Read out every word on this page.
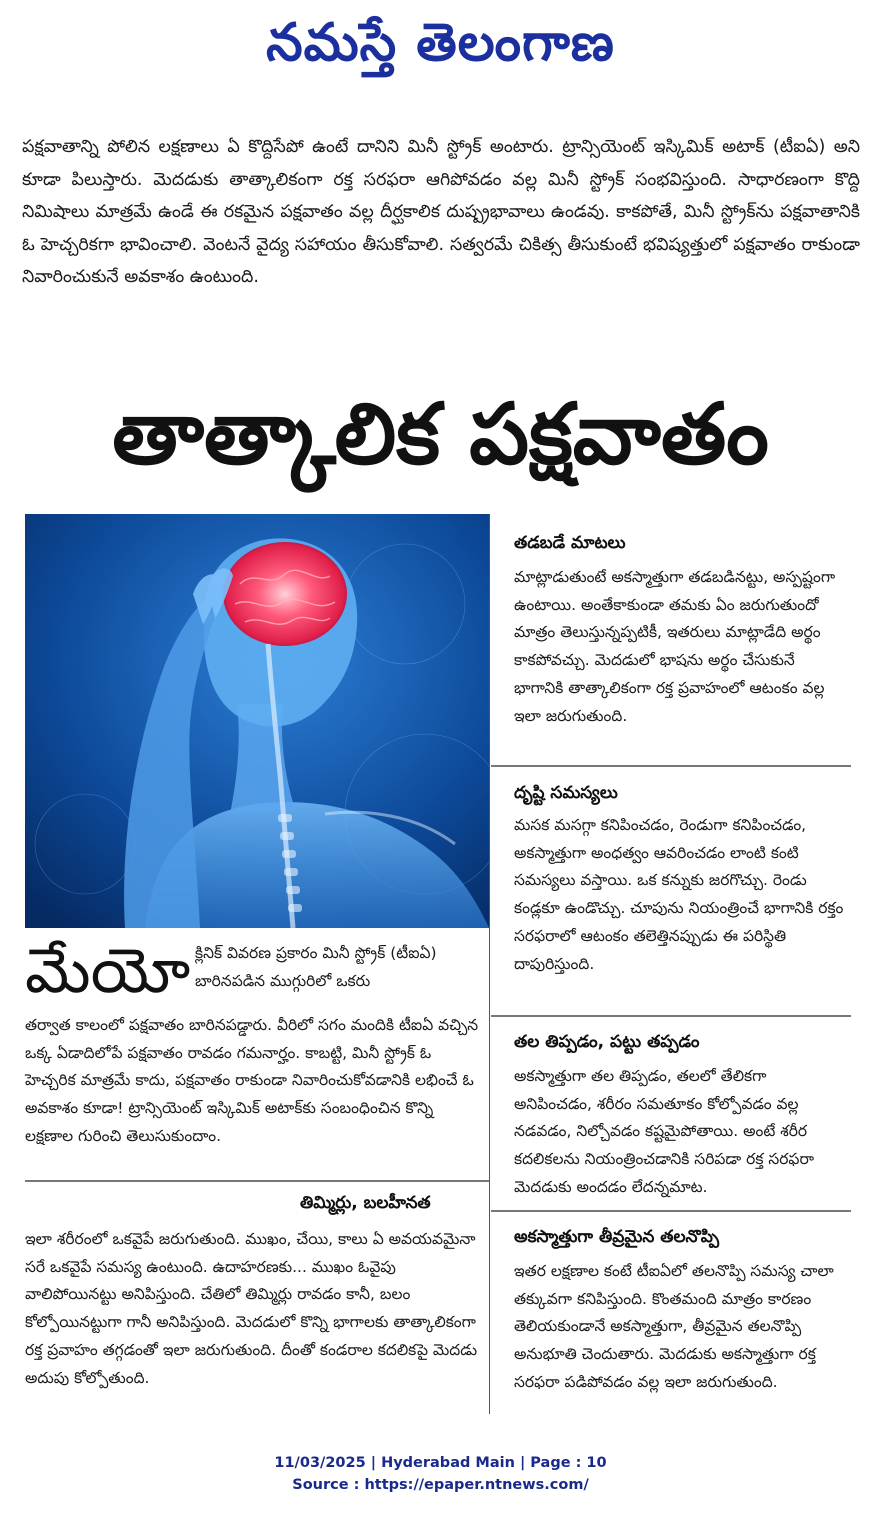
నమస్తే తెలంగాణ
పక్షవాతాన్ని పోలిన లక్షణాలు ఏ కొద్దిసేపో ఉంటే దానిని మినీ స్ట్రోక్‌ అంటారు. ట్రాన్సియెంట్‌ ఇస్కిమిక్‌ అటాక్‌ (టీఐఏ) అని కూడా పిలుస్తారు. మెదడుకు తాత్కాలికంగా రక్త సరఫరా ఆగిపోవడం వల్ల మినీ స్ట్రోక్‌ సంభవిస్తుంది. సాధారణంగా కొద్ది నిమిషాలు మాత్రమే ఉండే ఈ రకమైన పక్షవాతం వల్ల దీర్ఘకాలిక దుష్ప్రభావాలు ఉండవు. కాకపోతే, మినీ స్ట్రోక్‌ను పక్షవాతానికి ఓ హెచ్చరికగా భావించాలి. వెంటనే వైద్య సహాయం తీసుకోవాలి. సత్వరమే చికిత్స తీసుకుంటే భవిష్యత్తులో పక్షవాతం రాకుండా నివారించుకునే అవకాశం ఉంటుంది.
తాత్కాలిక పక్షవాతం
తడబడే మాటలు
మాట్లాడుతుంటే అకస్మాత్తుగా తడబడినట్టు, అస్పష్టంగా ఉంటాయి. అంతేకాకుండా తమకు ఏం జరుగుతుందో మాత్రం తెలుస్తున్నప్పటికీ, ఇతరులు మాట్లాడేది అర్థం కాకపోవచ్చు. మెదడులో భాషను అర్థం చేసుకునే భాగానికి తాత్కాలికంగా రక్త ప్రవాహంలో ఆటంకం వల్ల ఇలా జరుగుతుంది.
దృష్టి సమస్యలు
మసక మసగ్గా కనిపించడం, రెండుగా కనిపించడం, అకస్మాత్తుగా అంధత్వం ఆవరించడం లాంటి కంటి సమస్యలు వస్తాయి. ఒక కన్నుకు జరగొచ్చు. రెండు కండ్లకూ ఉండొచ్చు. చూపును నియంత్రించే భాగానికి రక్తం సరఫరాలో ఆటంకం తలెత్తినప్పుడు ఈ పరిస్థితి దాపురిస్తుంది.
తల తిప్పడం, పట్టు తప్పడం
అకస్మాత్తుగా తల తిప్పడం, తలలో తేలికగా అనిపించడం, శరీరం సమతూకం కోల్పోవడం వల్ల నడవడం, నిల్చోవడం కష్టమైపోతాయి. అంటే శరీర కదలికలను నియంత్రించడానికి సరిపడా రక్త సరఫరా మెదడుకు అందడం లేదన్నమాట.
అకస్మాత్తుగా తీవ్రమైన తలనొప్పి
ఇతర లక్షణాల కంటే టీఐఏలో తలనొప్పి సమస్య చాలా తక్కువగా కనిపిస్తుంది. కొంతమంది మాత్రం కారణం తెలియకుండానే అకస్మాత్తుగా, తీవ్రమైన తలనొప్పి అనుభూతి చెందుతారు. మెదడుకు అకస్మాత్తుగా రక్త సరఫరా పడిపోవడం వల్ల ఇలా జరుగుతుంది.
మేయో క్లినిక్‌ వివరణ ప్రకారం మినీ స్ట్రోక్‌ (టీఐఏ) బారినపడిన ముగ్గురిలో ఒకరు
తర్వాత కాలంలో పక్షవాతం బారినపడ్డారు. వీరిలో సగం మందికి టీఐఏ వచ్చిన ఒక్క ఏడాదిలోపే పక్షవాతం రావడం గమనార్హం. కాబట్టి, మినీ స్ట్రోక్‌ ఓ హెచ్చరిక మాత్రమే కాదు, పక్షవాతం రాకుండా నివారించుకోవడానికి లభించే ఓ అవకాశం కూడా! ట్రాన్సియెంట్‌ ఇస్కిమిక్‌ అటాక్‌కు సంబంధించిన కొన్ని లక్షణాల గురించి తెలుసుకుందాం.
తిమ్మిర్లు, బలహీనత
ఇలా శరీరంలో ఒకవైపే జరుగుతుంది. ముఖం, చేయి, కాలు ఏ అవయవమైనా సరే ఒకవైపే సమస్య ఉంటుంది. ఉదాహరణకు... ముఖం ఓవైపు వాలిపోయినట్టు అనిపిస్తుంది. చేతిలో తిమ్మిర్లు రావడం కానీ, బలం కోల్పోయినట్టుగా గానీ అనిపిస్తుంది. మెదడులో కొన్ని భాగాలకు తాత్కాలికంగా రక్త ప్రవాహం తగ్గడంతో ఇలా జరుగుతుంది. దీంతో కండరాల కదలికపై మెదడు అదుపు కోల్పోతుంది.
11/03/2025 | Hyderabad Main | Page : 10
Source : https://epaper.ntnews.com/
